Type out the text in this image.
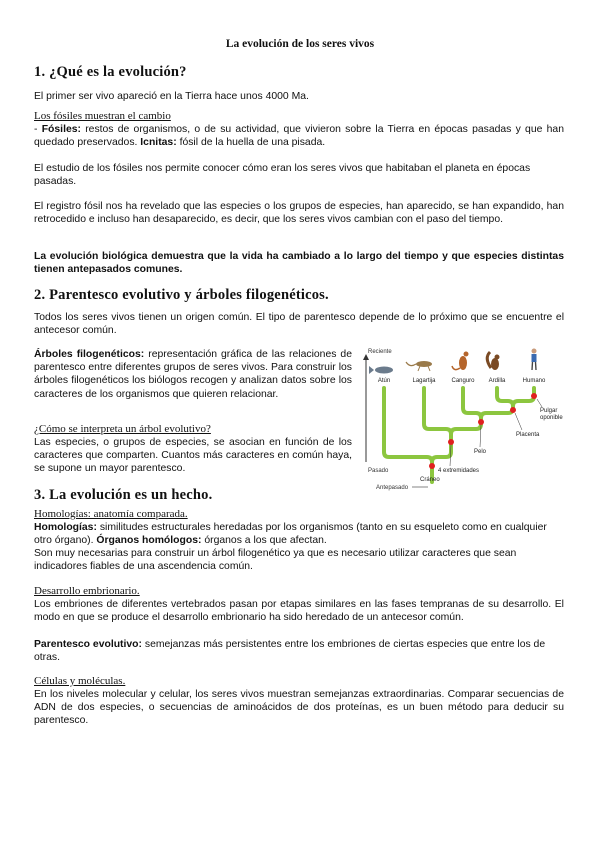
La evolución de los seres vivos
1. ¿Qué es la evolución?

El primer ser vivo apareció en la Tierra hace unos 4000 Ma.

Los fósiles muestran el cambio

- Fósiles: restos de organismos, o de su actividad, que vivieron sobre la Tierra en épocas pasadas y que han quedado preservados. Icnitas: fósil de la huella de una pisada.

El estudio de los fósiles nos permite conocer cómo eran los seres vivos que habitaban el planeta en épocas pasadas.

El registro fósil nos ha revelado que las especies o los grupos de especies, han aparecido, se han expandido, han retrocedido e incluso han desaparecido, es decir, que los seres vivos cambian con el paso del tiempo.

La evolución biológica demuestra que la vida ha cambiado a lo largo del tiempo y que especies distintas tienen antepasados comunes.

2. Parentesco evolutivo y árboles filogenéticos.

Todos los seres vivos tienen un origen común. El tipo de parentesco depende de lo próximo que se encuentre el antecesor común.

Árboles filogenéticos: representación gráfica de las relaciones de parentesco entre diferentes grupos de seres vivos. Para construir los árboles filogenéticos los biólogos recogen y analizan datos sobre los caracteres de los organismos que quieren relacionar.

¿Cómo se interpreta un árbol evolutivo?

Las especies, o grupos de especies, se asocian en función de los caracteres que comparten. Cuantos más caracteres en común haya, se supone un mayor parentesco.

Reciente
Pasado
Antepasado
Atún	Lagartija	Canguro Ardilla	Humano
Pulgar oponible
Placenta
Pelo
4 extremidades
Cráneo
3. La evolución es un hecho.
Homologías: anatomía comparada.

Homologías: similitudes estructurales heredadas por los organismos (tanto en su esqueleto como en cualquier otro órgano). Órganos homólogos: órganos a los que afectan.

Son muy necesarias para construir un árbol filogenético ya que es necesario utilizar caracteres que sean indicadores fiables de una ascendencia común.

Desarrollo embrionario.

Los embriones de diferentes vertebrados pasan por etapas similares en las fases tempranas de su desarrollo. El modo en que se produce el desarrollo embrionario ha sido heredado de un antecesor común.

Parentesco evolutivo: semejanzas más persistentes entre los embriones de ciertas especies que entre los de otras.

Células y moléculas.

En los niveles molecular y celular, los seres vivos muestran semejanzas extraordinarias. Comparar secuencias de ADN de dos especies, o secuencias de aminoácidos de dos proteínas, es un buen método para deducir su parentesco.
